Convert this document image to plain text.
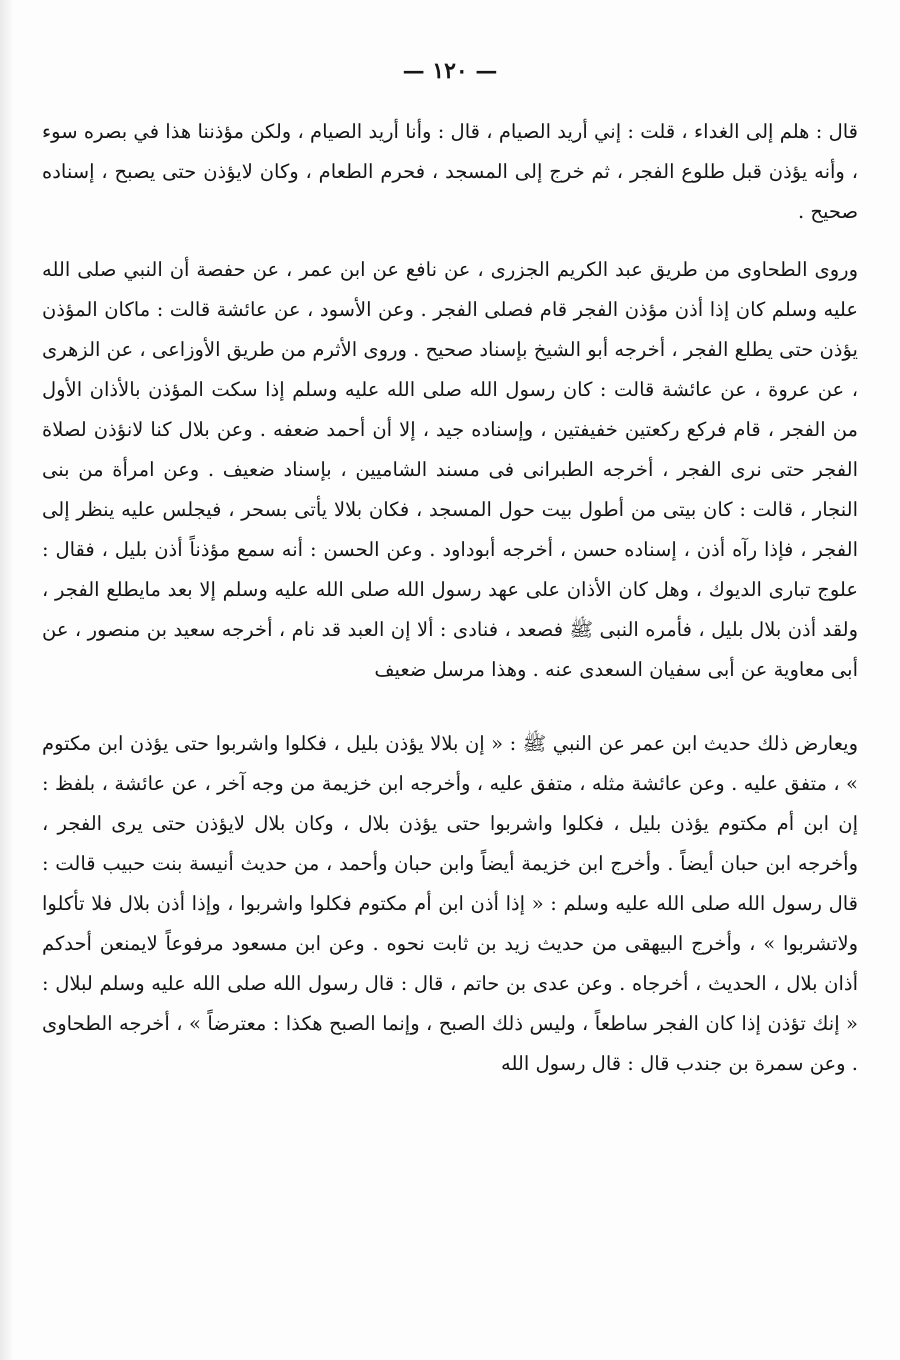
— ١٢٠ —

قال : هلم إلى الغداء ، قلت : إني أريد الصيام ، قال : وأنا أريد الصيام ، ولكن مؤذننا هذا في بصره سوء ، وأنه يؤذن قبل طلوع الفجر ، ثم خرج إلى المسجد ، فحرم الطعام ، وكان لايؤذن حتى يصبح ، إسناده صحيح .

وروى الطحاوى من طريق عبد الكريم الجزرى ، عن نافع عن ابن عمر ، عن حفصة أن النبي صلى الله عليه وسلم كان إذا أذن مؤذن الفجر قام فصلى الفجر . وعن الأسود ، عن عائشة قالت : ماكان المؤذن يؤذن حتى يطلع الفجر ، أخرجه أبو الشيخ بإسناد صحيح . وروى الأثرم من طريق الأوزاعى ، عن الزهرى ، عن عروة ، عن عائشة قالت : كان رسول الله صلى الله عليه وسلم إذا سكت المؤذن بالأذان الأول من الفجر ، قام فركع ركعتين خفيفتين ، وإسناده جيد ، إلا أن أحمد ضعفه . وعن بلال كنا لانؤذن لصلاة الفجر حتى نرى الفجر ، أخرجه الطبرانى فى مسند الشاميين ، بإسناد ضعيف . وعن امرأة من بنى النجار ، قالت : كان بيتى من أطول بيت حول المسجد ، فكان بلالا يأتى بسحر ، فيجلس عليه ينظر إلى الفجر ، فإذا رآه أذن ، إسناده حسن ، أخرجه أبوداود . وعن الحسن : أنه سمع مؤذناً أذن بليل ، فقال : علوج تبارى الديوك ، وهل كان الأذان على عهد رسول الله صلى الله عليه وسلم إلا بعد مايطلع الفجر ، ولقد أذن بلال بليل ، فأمره النبى ﷺ فصعد ، فنادى : ألا إن العبد قد نام ، أخرجه سعيد بن منصور ، عن أبى معاوية عن أبى سفيان السعدى عنه . وهذا مرسل ضعيف

ويعارض ذلك حديث ابن عمر عن النبي ﷺ : « إن بلالا يؤذن بليل ، فكلوا واشربوا حتى يؤذن ابن مكتوم » ، متفق عليه . وعن عائشة مثله ، متفق عليه ، وأخرجه ابن خزيمة من وجه آخر ، عن عائشة ، بلفظ : إن ابن أم مكتوم يؤذن بليل ، فكلوا واشربوا حتى يؤذن بلال ، وكان بلال لايؤذن حتى يرى الفجر ، وأخرجه ابن حبان أيضاً . وأخرج ابن خزيمة أيضاً وابن حبان وأحمد ، من حديث أنيسة بنت حبيب قالت : قال رسول الله صلى الله عليه وسلم : « إذا أذن ابن أم مكتوم فكلوا واشربوا ، وإذا أذن بلال فلا تأكلوا ولاتشربوا » ، وأخرج البيهقى من حديث زيد بن ثابت نحوه . وعن ابن مسعود مرفوعاً لايمنعن أحدكم أذان بلال ، الحديث ، أخرجاه . وعن عدى بن حاتم ، قال : قال رسول الله صلى الله عليه وسلم لبلال : « إنك تؤذن إذا كان الفجر ساطعاً ، وليس ذلك الصبح ، وإنما الصبح هكذا : معترضاً » ، أخرجه الطحاوى . وعن سمرة بن جندب قال : قال رسول الله
